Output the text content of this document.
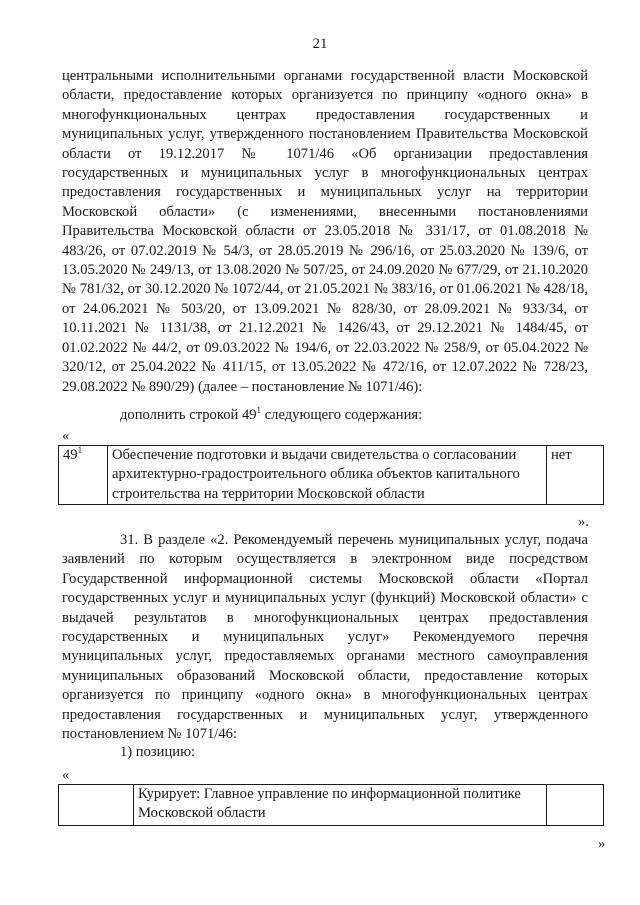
21

центральными исполнительными органами государственной власти Московской области, предоставление которых организуется по принципу «одного окна» в многофункциональных центрах предоставления государственных и муниципальных услуг, утвержденного постановлением Правительства Московской области от 19.12.2017 № 1071/46 «Об организации предоставления государственных и муниципальных услуг в многофункциональных центрах предоставления государственных и муниципальных услуг на территории Московской области» (с изменениями, внесенными постановлениями Правительства Московской области от 23.05.2018 № 331/17, от 01.08.2018 № 483/26, от 07.02.2019 № 54/3, от 28.05.2019 № 296/16, от 25.03.2020 № 139/6, от 13.05.2020 № 249/13, от 13.08.2020 № 507/25, от 24.09.2020 № 677/29, от 21.10.2020 № 781/32, от 30.12.2020 № 1072/44, от 21.05.2021 № 383/16, от 01.06.2021 № 428/18, от 24.06.2021 № 503/20, от 13.09.2021 № 828/30, от 28.09.2021 № 933/34, от 10.11.2021 № 1131/38, от 21.12.2021 № 1426/43, от 29.12.2021 № 1484/45, от 01.02.2022 № 44/2, от 09.03.2022 № 194/6, от 22.03.2022 № 258/9, от 05.04.2022 № 320/12, от 25.04.2022 № 411/15, от 13.05.2022 № 472/16, от 12.07.2022 № 728/23, 29.08.2022 № 890/29) (далее – постановление № 1071/46):

дополнить строкой $49^1$ следующего содержания:

«
$49^1$	Обеспечение подготовки и выдачи свидетельства о согласовании архитектурно-градостроительного облика объектов капитального строительства на территории Московской области	нет
».

31. В разделе «2. Рекомендуемый перечень муниципальных услуг, подача заявлений по которым осуществляется в электронном виде посредством Государственной информационной системы Московской области «Портал государственных услуг и муниципальных услуг (функций) Московской области» с выдачей результатов в многофункциональных центрах предоставления государственных и муниципальных услуг» Рекомендуемого перечня муниципальных услуг, предоставляемых органами местного самоуправления муниципальных образований Московской области, предоставление которых организуется по принципу «одного окна» в многофункциональных центрах предоставления государственных и муниципальных услуг, утвержденного постановлением № 1071/46:

1) позицию:

«
	Курирует: Главное управление по информационной политике Московской области	
»
